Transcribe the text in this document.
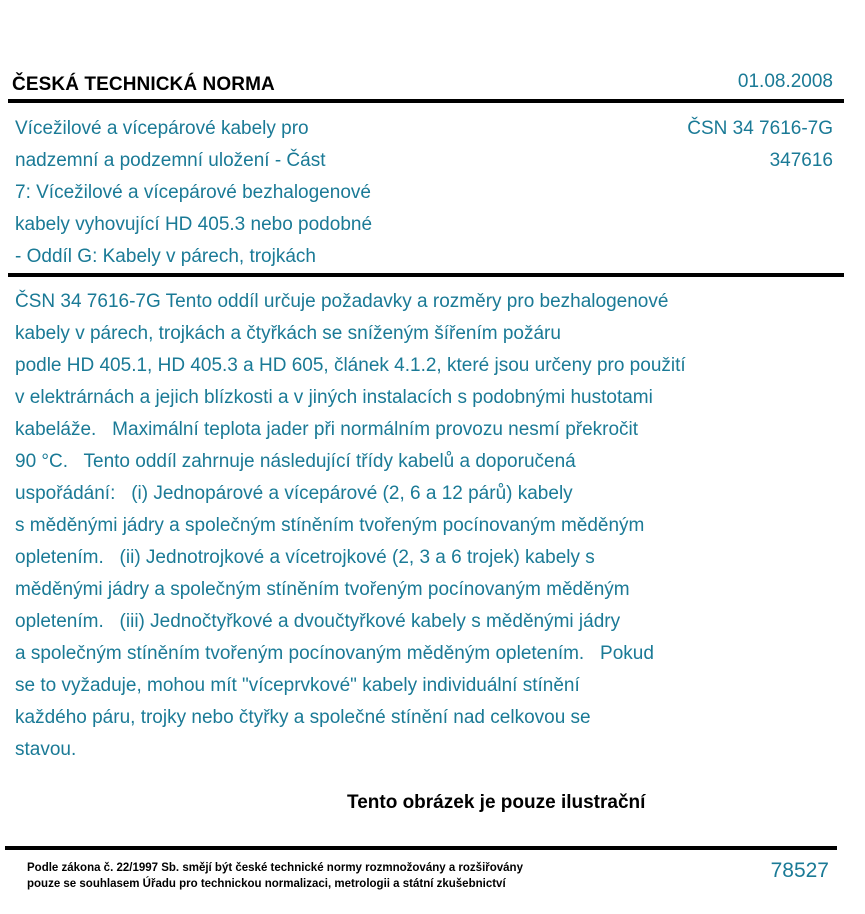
ČESKÁ TECHNICKÁ NORMA	01.08.2008
Vícežilové a vícepárové kabely pro
nadzemní a podzemní uložení - Část
7: Vícežilové a vícepárové bezhalogenové
kabely vyhovující HD 405.3 nebo podobné
- Oddíl G: Kabely v párech, trojkách
ČSN 34 7616-7G
347616
ČSN 34 7616-7G Tento oddíl určuje požadavky a rozměry pro bezhalogenové
kabely v párech, trojkách a čtyřkách se sníženým šířením požáru
podle HD 405.1, HD 405.3 a HD 605, článek 4.1.2, které jsou určeny pro použití
v elektrárnách a jejich blízkosti a v jiných instalacích s podobnými hustotami
kabeláže.   Maximální teplota jader při normálním provozu nesmí překročit
90 °C.   Tento oddíl zahrnuje následující třídy kabelů a doporučená
uspořádání:   (i) Jednopárové a vícepárové (2, 6 a 12 párů) kabely
s měděnými jádry a společným stíněním tvořeným pocínovaným měděným
opletením.   (ii) Jednotrojkové a vícetrojkové (2, 3 a 6 trojek) kabely s
měděnými jádry a společným stíněním tvořeným pocínovaným měděným
opletením.   (iii) Jednočtyřkové a dvoučtyřkové kabely s měděnými jádry
a společným stíněním tvořeným pocínovaným měděným opletením.   Pokud
se to vyžaduje, mohou mít "víceprvkové" kabely individuální stínění
každého páru, trojky nebo čtyřky a společné stínění nad celkovou se
stavou.
Tento obrázek je pouze ilustrační
Podle zákona č. 22/1997 Sb. smějí být české technické normy rozmnožovány a rozšiřovány
pouze se souhlasem Úřadu pro technickou normalizaci, metrologii a státní zkušebnictví
78527
